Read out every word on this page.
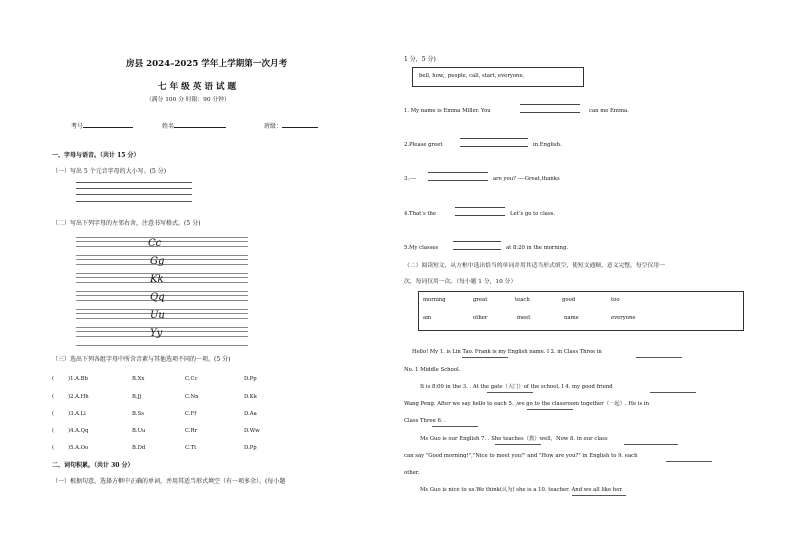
房县 2024–2025 学年上学期第一次月考
七 年 级 英 语 试 题
（满分 100 分 时限：90 分钟）
考号	姓名	班级：
一、字母与语音。（共计 15 分）
（一）写出 5 个元音字母的大小写。(5 分)
（二）写出下列字母的左邻右舍，注意书写格式。(5 分)
Cc
Gg
Kk
Qq
Uu
Yy
（三）选出下列各组字母中所含音素与其他选项不同的一项。(5 分)
(	)1.A.Bb	B.Xx	C.Cc	D.Pp
(	)2.A.Hh	B.Jj	C.Nn	D.Kk
(	)3.A.Ll	B.Ss	C.Ff	D.Aa
(	)4.A.Qq	B.Uu	C.Rr	D.Ww
(	)5.A.Oo	B.Dd	C.Tt	D.Pp
二、词句积累。（共计 30 分）
（一）根据句意，选择方框中正确的单词，并用其适当形式填空（有一项多余）。(每小题
1 分，5 分)
bell, how,, people, call, start, everyone,
1. My name is Emma Miller. You	can me Emma.
2.Please greet	in English.
3.----	are you? ----Great,thanks
4.That’s the	Let’s go to class.
5.My classes	at 8:20 in the morning.
（二）阅读短文，从方框中选出恰当的单词并用其适当形式填空，使短文通顺、意义完整。每空仅用一
次，每词仅用一次。（每小题 1 分，10 分）
morning	great	teach	good	too
am	other	meet	name	everyone
Hello! My 1. is Lin Tao. Frank is my English name. I 2. in Class Three in
No. 1 Middle School.
It is 8:00 in the 3. . At the gate（大门）of the school, I 4. my good friend
Wang Peng. After we say hello to each 5. ,we go to the classroom together（一起）. He is in
Class Three 6. .
Ms Guo is our English 7. . She teaches（教）well，Now 8. in our class
can say "Good morning!","Nice to meet you!" and "How are you?" in English to 9. each
other.
Ms Guo is nice to us.We think(认为) she is a 10. teacher. And we all like her.
